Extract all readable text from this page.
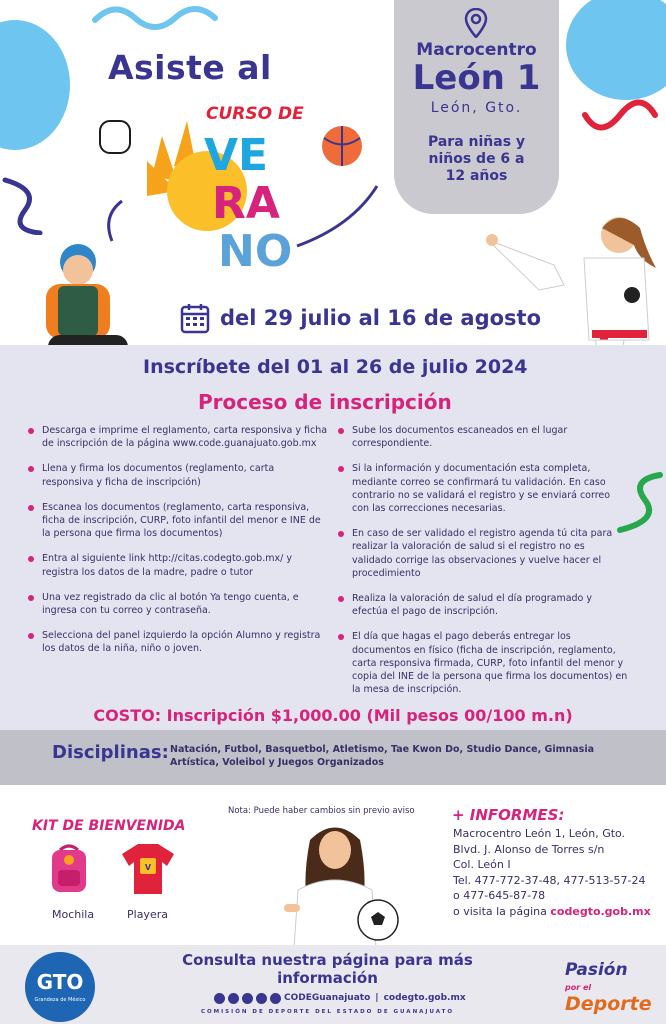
Asiste al
CURSO DE
VE
RA
NO
Macrocentro
León 1
León, Gto.
Para niñas y niños de 6 a 12 años
del 29 julio al 16 de agosto
Inscríbete del 01 al 26 de julio 2024
Proceso de inscripción
Descarga e imprime el reglamento, carta responsiva y ficha de inscripción de la página www.code.guanajuato.gob.mx
Llena y firma los documentos (reglamento, carta responsiva y ficha de inscripción)
Escanea los documentos (reglamento, carta responsiva, ficha de inscripción, CURP, foto infantil del menor e INE de la persona que firma los documentos)
Entra al siguiente link http://citas.codegto.gob.mx/ y registra los datos de la madre, padre o tutor
Una vez registrado da clic al botón Ya tengo cuenta, e ingresa con tu correo y contraseña.
Selecciona del panel izquierdo la opción Alumno y registra los datos de la niña, niño o joven.
Sube los documentos escaneados en el lugar correspondiente.
Si la información y documentación esta completa, mediante correo se confirmará tu validación. En caso contrario no se validará el registro y se enviará correo con las correcciones necesarias.
En caso de ser validado el registro agenda tú cita para realizar la valoración de salud si el registro no es validado corrige las observaciones y vuelve hacer el procedimiento
Realiza la valoración de salud el día programado y efectúa el pago de inscripción.
El día que hagas el pago deberás entregar los documentos en físico (ficha de inscripción, reglamento, carta responsiva firmada, CURP, foto infantil del menor y copia del INE de la persona que firma los documentos) en la mesa de inscripción.
COSTO: Inscripción $1,000.00 (Mil pesos 00/100 m.n)
Disciplinas: Natación, Futbol, Basquetbol, Atletismo, Tae Kwon Do, Studio Dance, Gimnasia Artística, Voleibol y Juegos Organizados
Nota: Puede haber cambios sin previo aviso
KIT DE BIENVENIDA
V
Mochila	Playera
+ INFORMES:
Macrocentro León 1, León, Gto.
Blvd. J. Alonso de Torres s/n
Col. León I
Tel. 477-772-37-48, 477-513-57-24
o 477-645-87-78
o visita la página codegto.gob.mx
GTO
Grandeza de México
Consulta nuestra página para más información
CODEGuanajuato | codegto.gob.mx
COMISIÓN DE DEPORTE DEL ESTADO DE GUANAJUATO
Pasión
por el
Deporte
